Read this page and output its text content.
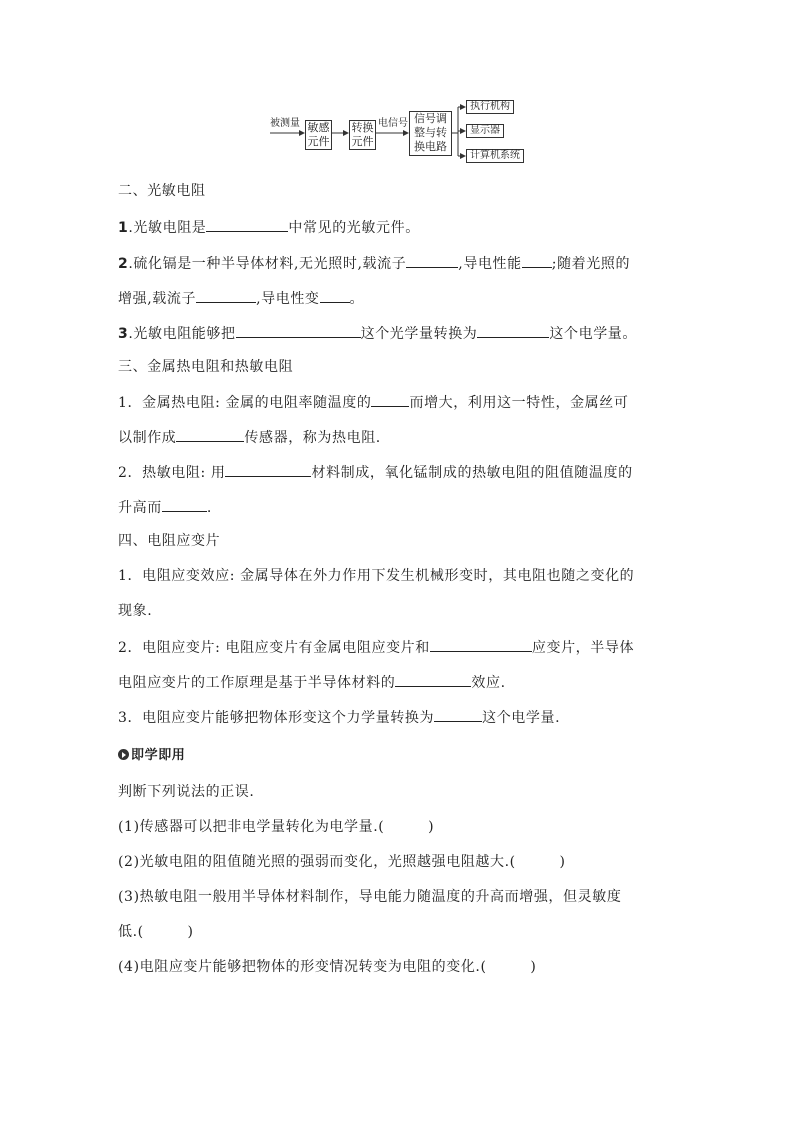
被测量 敏感
元件
转换
元件
电信号 信号调
整与转
换电路
执行机构
显示器
计算机系统
二、光敏电阻
1.光敏电阻是	中常见的光敏元件。
2.硫化镉是一种半导体材料,无光照时,载流子	,导电性能 ;随着光照的
增强,载流子	,导电性变 。
3.光敏电阻能够把	这个光学量转换为	这个电学量。
三、金属热电阻和热敏电阻
1．金属热电阻: 金属的电阻率随温度的	而增大，利用这一特性，金属丝可
以制作成	传感器，称为热电阻.
2．热敏电阻: 用	材料制成，氧化锰制成的热敏电阻的阻值随温度的
升高而	.
四、电阻应变片
1．电阻应变效应: 金属导体在外力作用下发生机械形变时，其电阻也随之变化的
现象.
2．电阻应变片: 电阻应变片有金属电阻应变片和	应变片，半导体
电阻应变片的工作原理是基于半导体材料的	效应.
3．电阻应变片能够把物体形变这个力学量转换为	这个电学量.
即学即用
判断下列说法的正误.
(1)传感器可以把非电学量转化为电学量.(　　　)
(2)光敏电阻的阻值随光照的强弱而变化，光照越强电阻越大.(　　　)
(3)热敏电阻一般用半导体材料制作，导电能力随温度的升高而增强，但灵敏度
低.(　　　)
(4)电阻应变片能够把物体的形变情况转变为电阻的变化.(　　　)
